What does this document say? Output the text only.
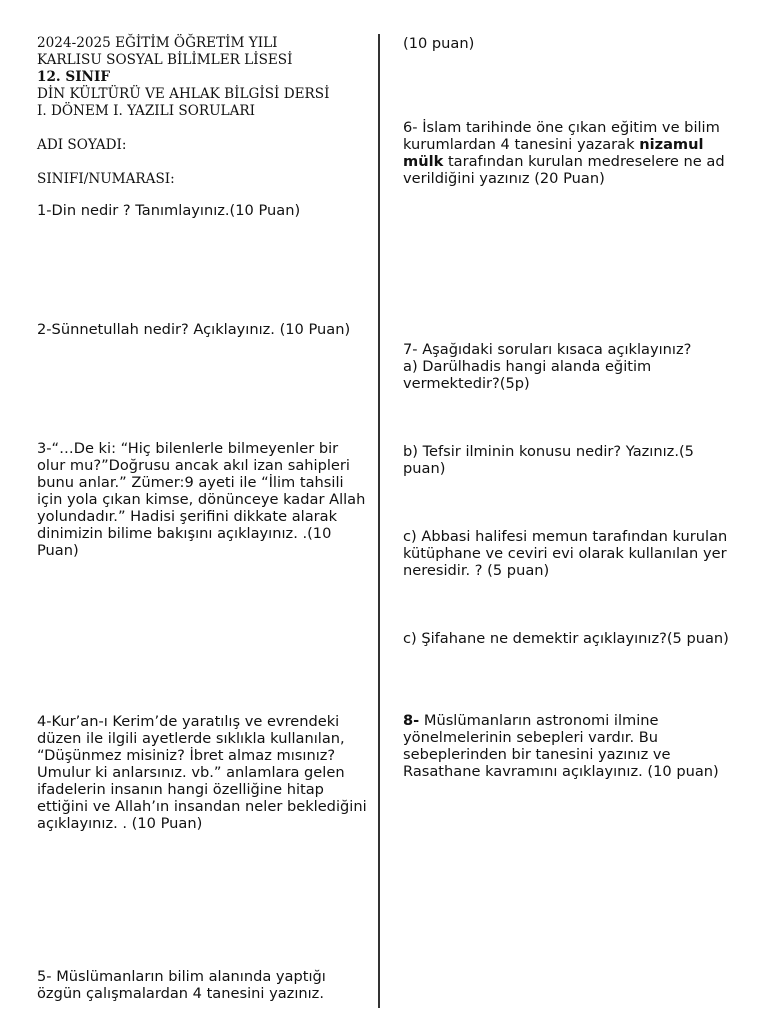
2024-2025 EĞİTİM ÖĞRETİM YILI
KARLISU SOSYAL BİLİMLER LİSESİ
12. SINIF
DİN KÜLTÜRÜ VE AHLAK BİLGİSİ DERSİ
I. DÖNEM I. YAZILI SORULARI
ADI SOYADI:
SINIFI/NUMARASI:

1-Din nedir ? Tanımlayınız.(10 Puan)

2-Sünnetullah nedir? Açıklayınız. (10 Puan)

3-“…De ki: “Hiç bilenlerle bilmeyenler bir olur mu?”Doğrusu ancak akıl izan sahipleri bunu anlar.” Zümer:9 ayeti ile “İlim tahsili için yola çıkan kimse, dönünceye kadar Allah yolundadır.” Hadisi şerifini dikkate alarak dinimizin bilime bakışını açıklayınız. .(10 Puan)

4-Kur’an-ı Kerim’de yaratılış ve evrendeki düzen ile ilgili ayetlerde sıklıkla kullanılan, “Düşünmez misiniz? İbret almaz mısınız? Umulur ki anlarsınız. vb.” anlamlara gelen ifadelerin insanın hangi özelliğine hitap ettiğini ve Allah’ın insandan neler beklediğini açıklayınız. . (10 Puan)

5- Müslümanların bilim alanında yaptığı özgün çalışmalardan 4 tanesini yazınız.

(10 puan)

6- İslam tarihinde öne çıkan eğitim ve bilim kurumlardan 4 tanesini yazarak nizamul mülk tarafından kurulan medreselere ne ad verildiğini yazınız (20 Puan)

7- Aşağıdaki soruları kısaca açıklayınız?

a) Darülhadis hangi alanda eğitim vermektedir?(5p)

b) Tefsir ilminin konusu nedir? Yazınız.(5 puan)

c) Abbasi halifesi memun tarafından kurulan kütüphane ve ceviri evi olarak kullanılan yer neresidir. ? (5 puan)

c) Şifahane ne demektir açıklayınız?(5 puan)

8- Müslümanların astronomi ilmine yönelmelerinin sebepleri vardır. Bu sebeplerinden bir tanesini yazınız ve Rasathane kavramını açıklayınız. (10 puan)
